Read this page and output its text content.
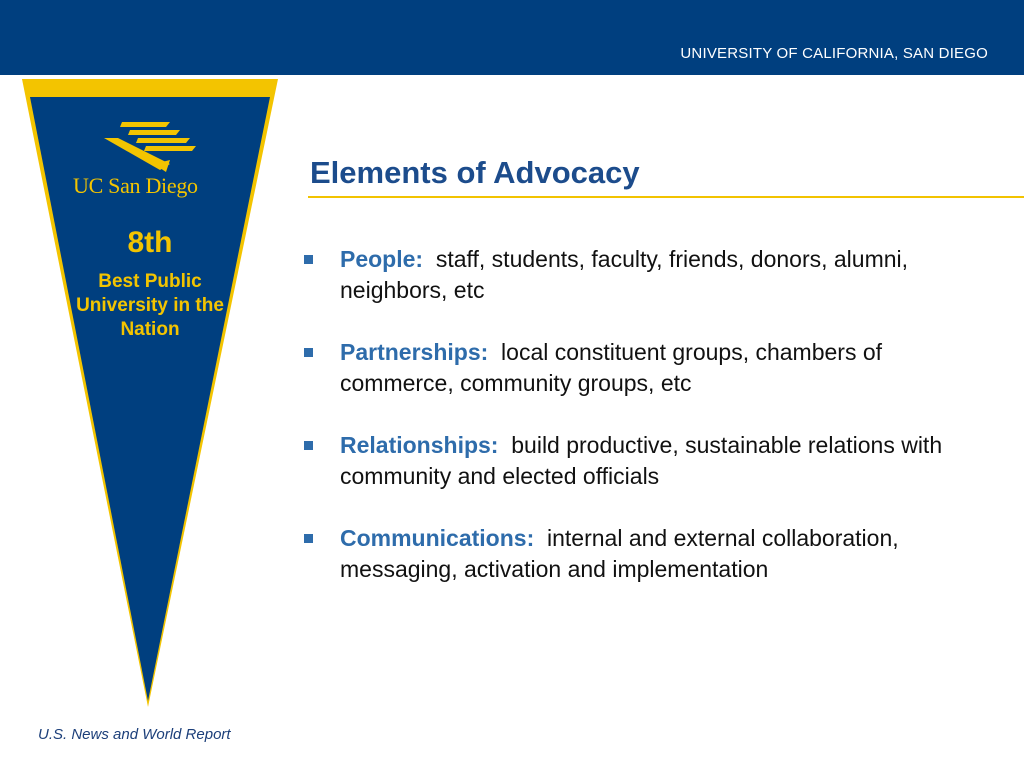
UNIVERSITY OF CALIFORNIA, SAN DIEGO
UC San Diego
8th
Best Public University in the Nation
Elements of Advocacy
People: staff, students, faculty, friends, donors, alumni, neighbors, etc
Partnerships: local constituent groups, chambers of commerce, community groups, etc
Relationships: build productive, sustainable relations with community and elected officials
Communications: internal and external collaboration, messaging, activation and implementation
U.S. News and World Report
